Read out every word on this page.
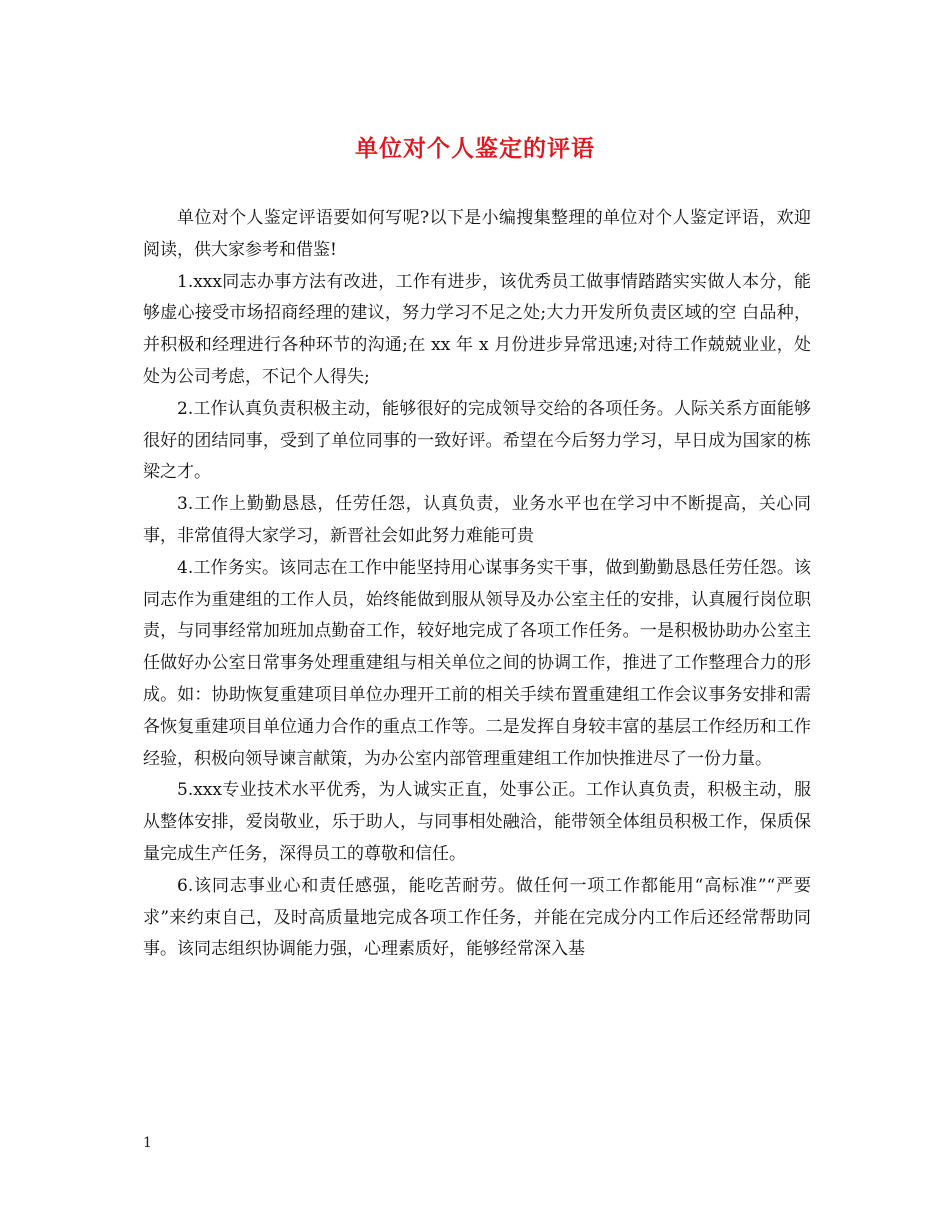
单位对个人鉴定的评语

单位对个人鉴定评语要如何写呢?以下是小编搜集整理的单位对个人鉴定评语，欢迎阅读，供大家参考和借鉴!

1.xxx同志办事方法有改进，工作有进步，该优秀员工做事情踏踏实实做人本分，能够虚心接受市场招商经理的建议，努力学习不足之处;大力开发所负责区域的空 白品种，并积极和经理进行各种环节的沟通;在 xx 年 x 月份进步异常迅速;对待工作兢兢业业，处处为公司考虑，不记个人得失;

2.工作认真负责积极主动，能够很好的完成领导交给的各项任务。人际关系方面能够很好的团结同事，受到了单位同事的一致好评。希望在今后努力学习，早日成为国家的栋梁之才。

3.工作上勤勤恳恳，任劳任怨，认真负责，业务水平也在学习中不断提高，关心同事，非常值得大家学习，新晋社会如此努力难能可贵

4.工作务实。该同志在工作中能坚持用心谋事务实干事，做到勤勤恳恳任劳任怨。该同志作为重建组的工作人员，始终能做到服从领导及办公室主任的安排，认真履行岗位职责，与同事经常加班加点勤奋工作，较好地完成了各项工作任务。一是积极协助办公室主任做好办公室日常事务处理重建组与相关单位之间的协调工作，推进了工作整理合力的形成。如：协助恢复重建项目单位办理开工前的相关手续布置重建组工作会议事务安排和需各恢复重建项目单位通力合作的重点工作等。二是发挥自身较丰富的基层工作经历和工作经验，积极向领导谏言献策，为办公室内部管理重建组工作加快推进尽了一份力量。

5.xxx专业技术水平优秀，为人诚实正直，处事公正。工作认真负责，积极主动，服从整体安排，爱岗敬业，乐于助人，与同事相处融洽，能带领全体组员积极工作，保质保量完成生产任务，深得员工的尊敬和信任。

6.该同志事业心和责任感强，能吃苦耐劳。做任何一项工作都能用“高标准”“严要求”来约束自己，及时高质量地完成各项工作任务，并能在完成分内工作后还经常帮助同事。该同志组织协调能力强，心理素质好，能够经常深入基

1
